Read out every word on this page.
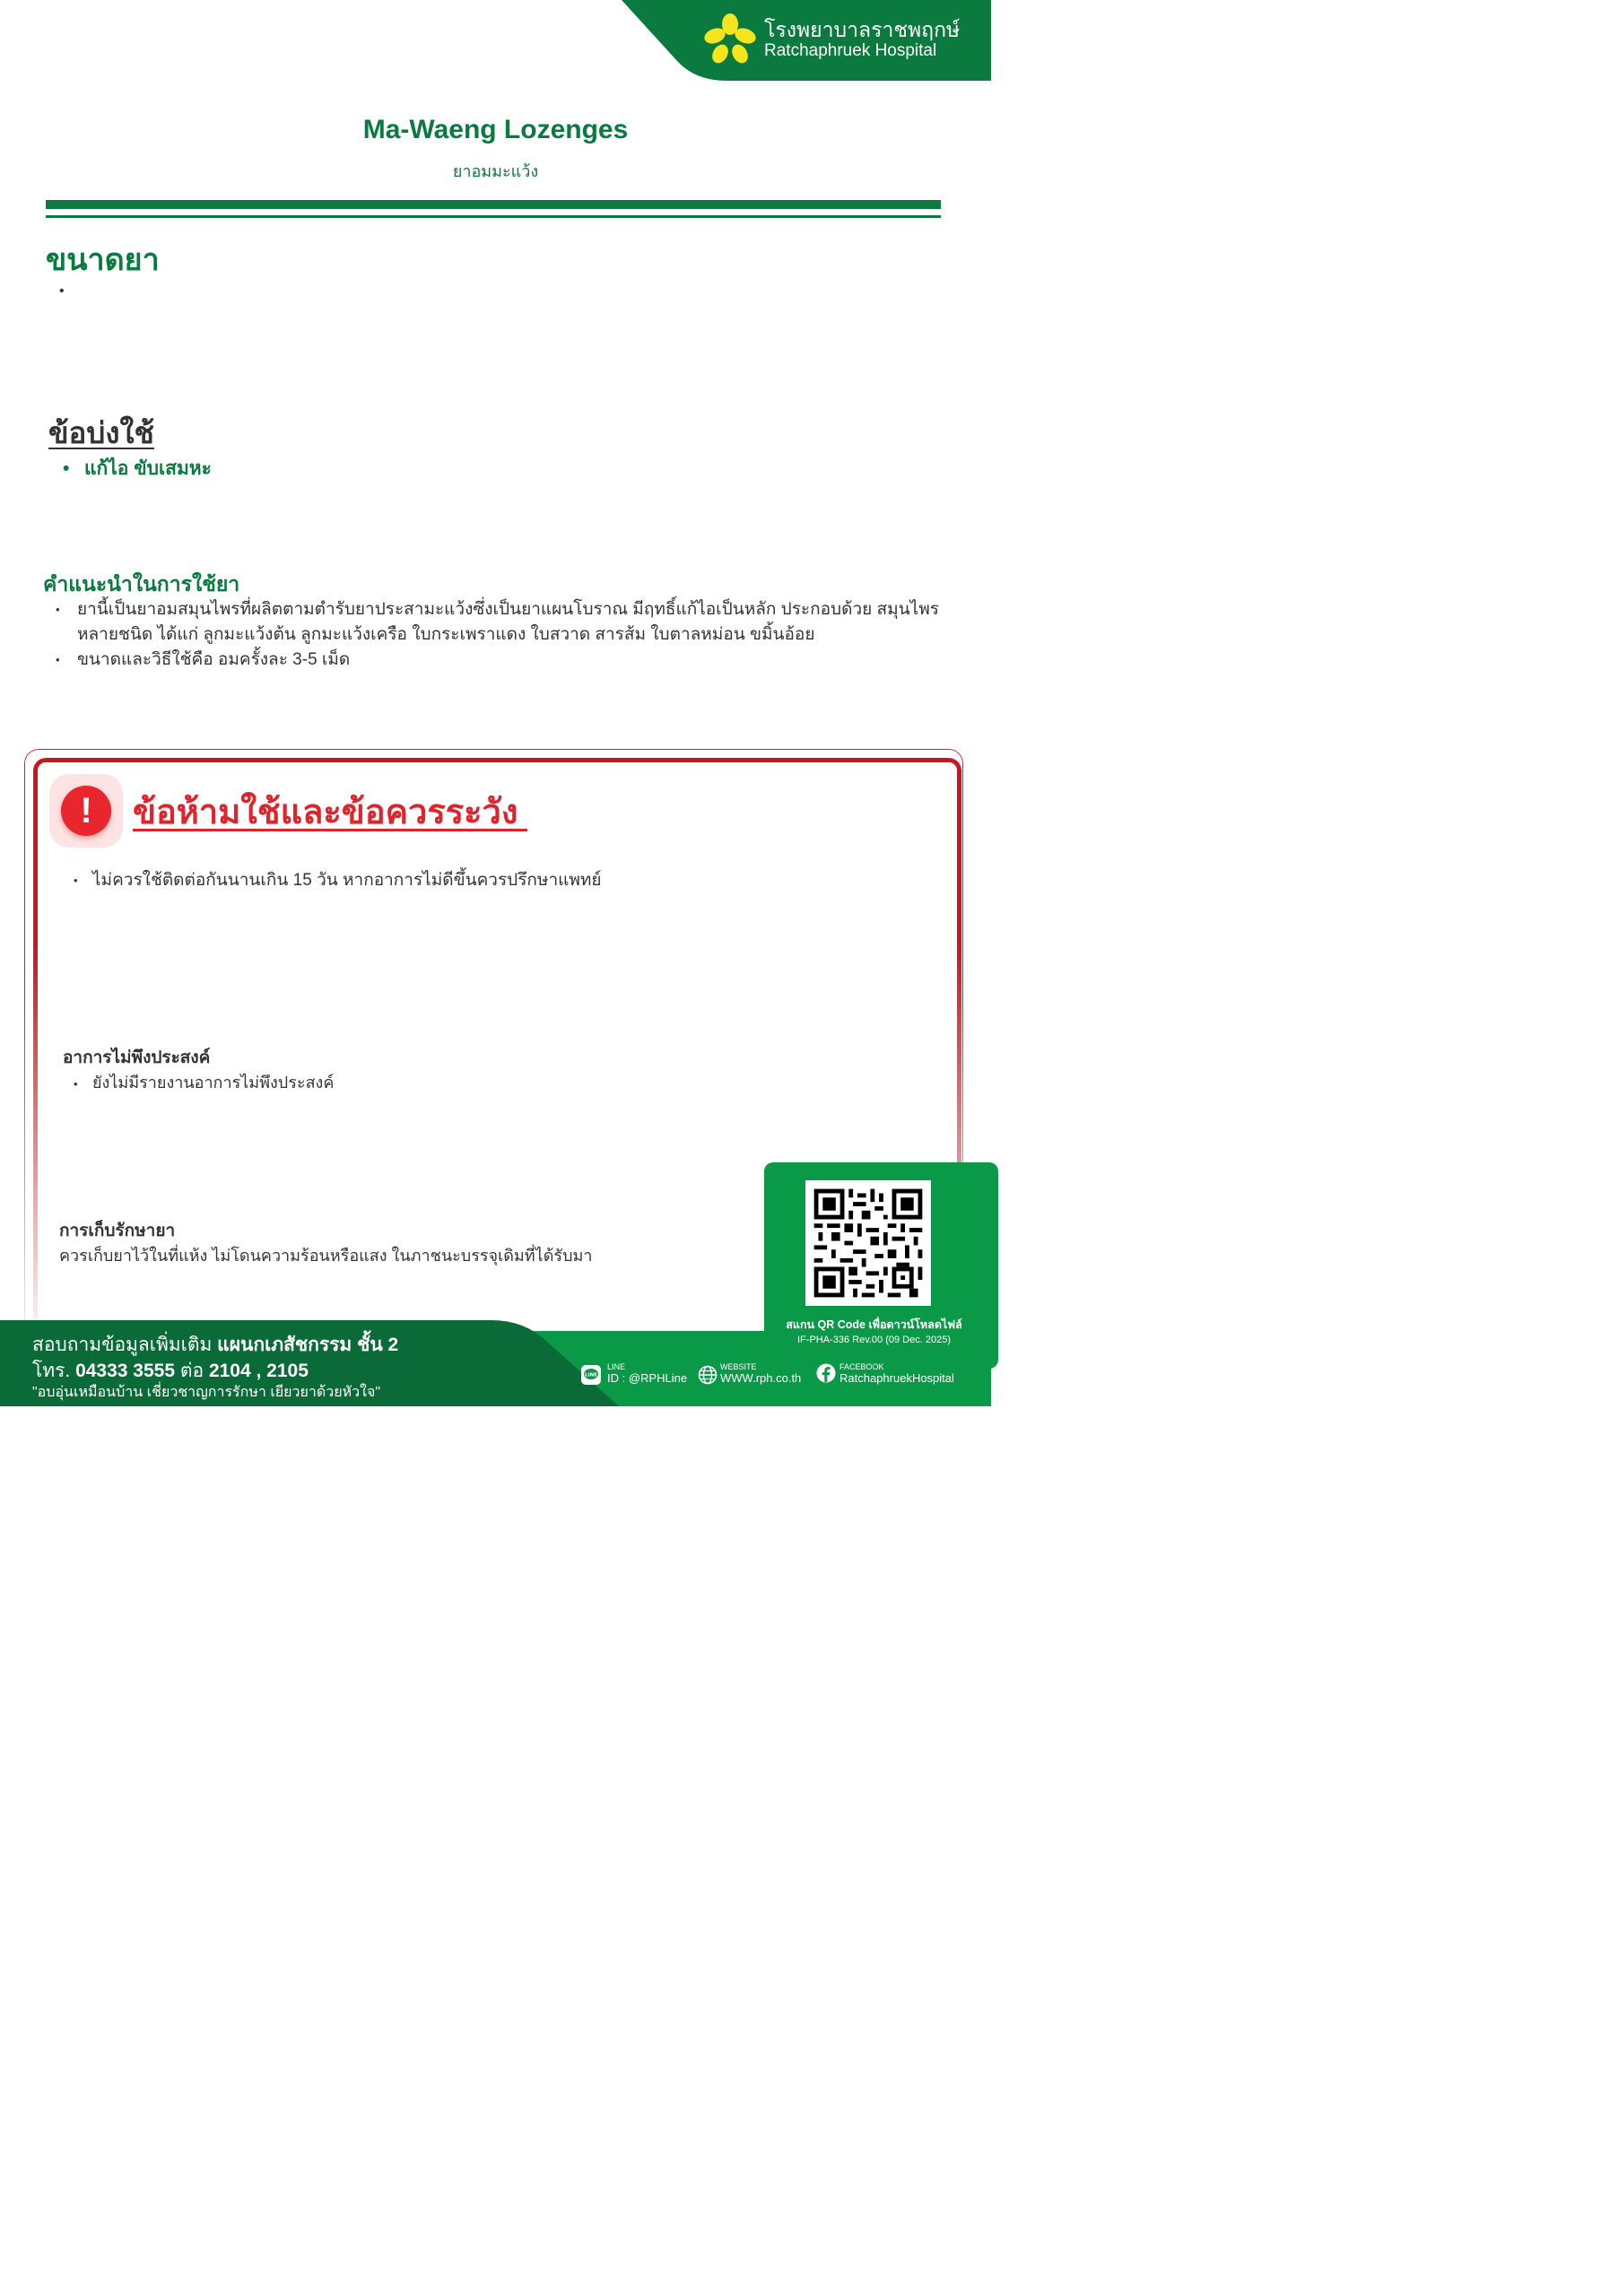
โรงพยาบาลราชพฤกษ์
Ratchaphruek Hospital
Ma-Waeng Lozenges
ยาอมมะแว้ง
ขนาดยา
•
ข้อบ่งใช้
• แก้ไอ ขับเสมหะ
คำแนะนำในการใช้ยา
• ยานี้เป็นยาอมสมุนไพรที่ผลิตตามตำรับยาประสามะแว้งซึ่งเป็นยาแผนโบราณ มีฤทธิ์แก้ไอเป็นหลัก ประกอบด้วย สมุนไพรหลายชนิด ได้แก่ ลูกมะแว้งต้น ลูกมะแว้งเครือ ใบกระเพราแดง ใบสวาด สารส้ม ใบตาลหม่อน ขมิ้นอ้อย
• ขนาดและวิธีใช้คือ อมครั้งละ 3-5 เม็ด
!	ข้อห้ามใช้และข้อควรระวัง
• ไม่ควรใช้ติดต่อกันนานเกิน 15 วัน หากอาการไม่ดีขึ้นควรปรึกษาแพทย์
อาการไม่พึงประสงค์
• ยังไม่มีรายงานอาการไม่พึงประสงค์
การเก็บรักษายา
ควรเก็บยาไว้ในที่แห้ง ไม่โดนความร้อนหรือแสง ในภาชนะบรรจุเดิมที่ได้รับมา
สแกน QR Code เพื่อดาวน์โหลดไฟล์
IF-PHA-336 Rev.00 (09 Dec. 2025)
สอบถามข้อมูลเพิ่มเติม แผนกเภสัชกรรม ชั้น 2
โทร. 04333 3555 ต่อ 2104 , 2105
"อบอุ่นเหมือนบ้าน เชี่ยวชาญการรักษา เยียวยาด้วยหัวใจ"
LINE
LINE
ID : @RPHLine
WEBSITE
WWW.rph.co.th
FACEBOOK
RatchaphruekHospital
